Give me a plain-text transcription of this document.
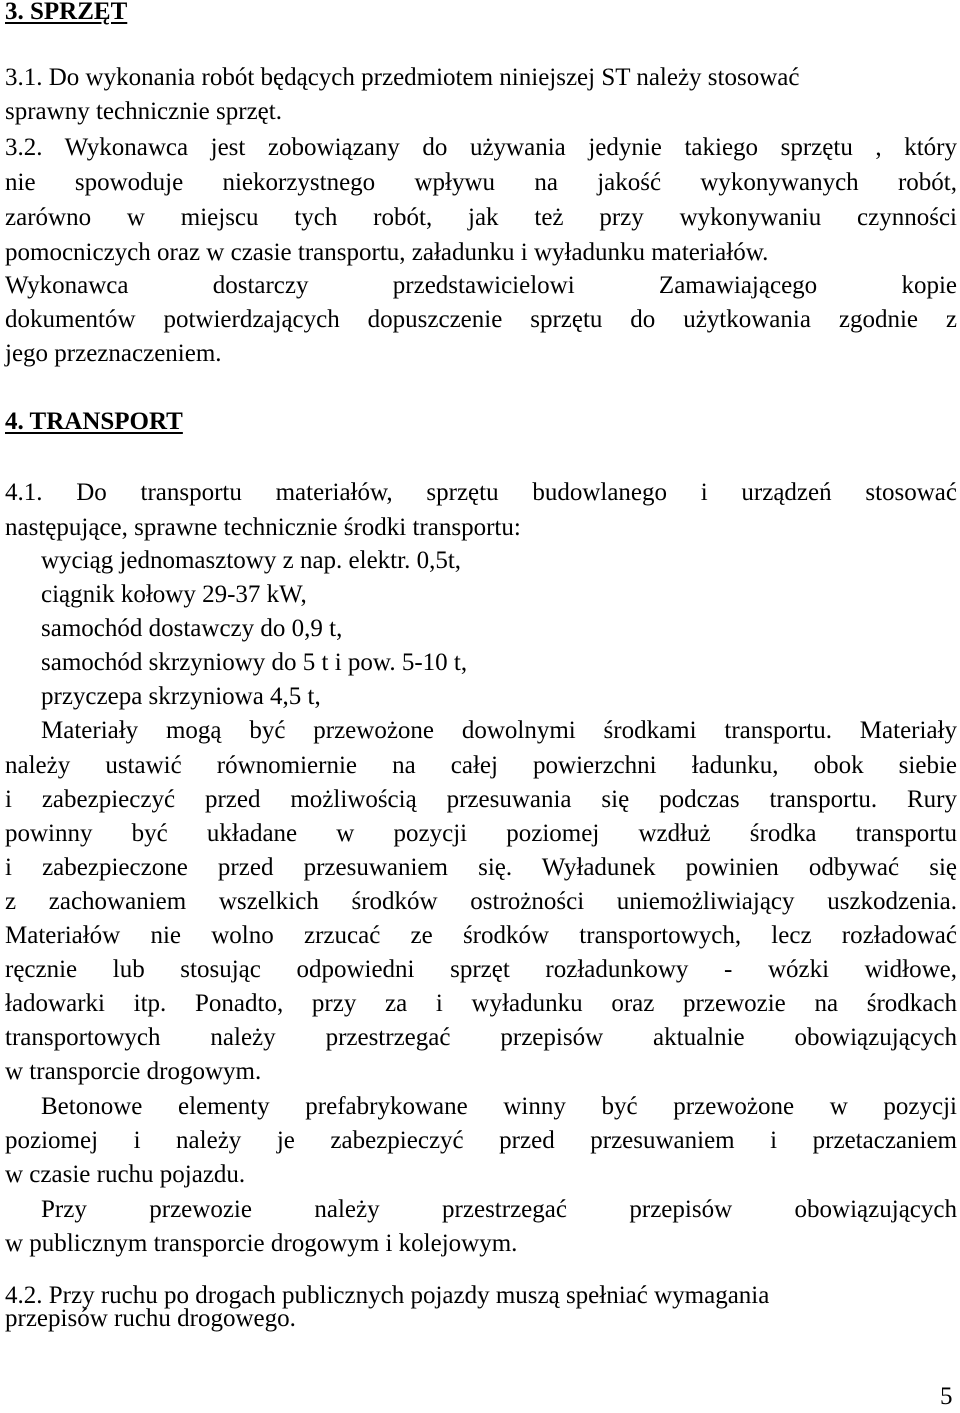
3. SPRZĘT
3.1. Do wykonania robót będących przedmiotem niniejszej ST należy stosować
sprawny technicznie sprzęt.
3.2. Wykonawca jest zobowiązany do używania jedynie takiego sprzętu , który
nie spowoduje niekorzystnego wpływu na jakość wykonywanych robót,
zarówno w miejscu tych robót, jak też przy wykonywaniu czynności
pomocniczych oraz w czasie transportu, załadunku i wyładunku materiałów.
Wykonawca dostarczy przedstawicielowi Zamawiającego kopie
dokumentów potwierdzających dopuszczenie sprzętu do użytkowania zgodnie z
jego przeznaczeniem.
4. TRANSPORT
4.1. Do transportu materiałów, sprzętu budowlanego i urządzeń stosować
następujące, sprawne technicznie środki transportu:
wyciąg jednomasztowy z nap. elektr. 0,5t,
ciągnik kołowy 29-37 kW,
samochód dostawczy do 0,9 t,
samochód skrzyniowy do 5 t i pow. 5-10 t,
przyczepa skrzyniowa 4,5 t,
Materiały mogą być przewożone dowolnymi środkami transportu. Materiały
należy ustawić równomiernie na całej powierzchni ładunku, obok siebie
i zabezpieczyć przed możliwością przesuwania się podczas transportu. Rury
powinny być układane w pozycji poziomej wzdłuż środka transportu
i zabezpieczone przed przesuwaniem się. Wyładunek powinien odbywać się
z zachowaniem wszelkich środków ostrożności uniemożliwiający uszkodzenia.
Materiałów nie wolno zrzucać ze środków transportowych, lecz rozładować
ręcznie lub stosując odpowiedni sprzęt rozładunkowy - wózki widłowe,
ładowarki itp. Ponadto, przy za i wyładunku oraz przewozie na środkach
transportowych należy przestrzegać przepisów aktualnie obowiązujących
w transporcie drogowym.
Betonowe elementy prefabrykowane winny być przewożone w pozycji
poziomej i należy je zabezpieczyć przed przesuwaniem i przetaczaniem
w czasie ruchu pojazdu.
Przy przewozie należy przestrzegać przepisów obowiązujących
w publicznym transporcie drogowym i kolejowym.
4.2. Przy ruchu po drogach publicznych pojazdy muszą spełniać wymagania
przepisów ruchu drogowego.
5
